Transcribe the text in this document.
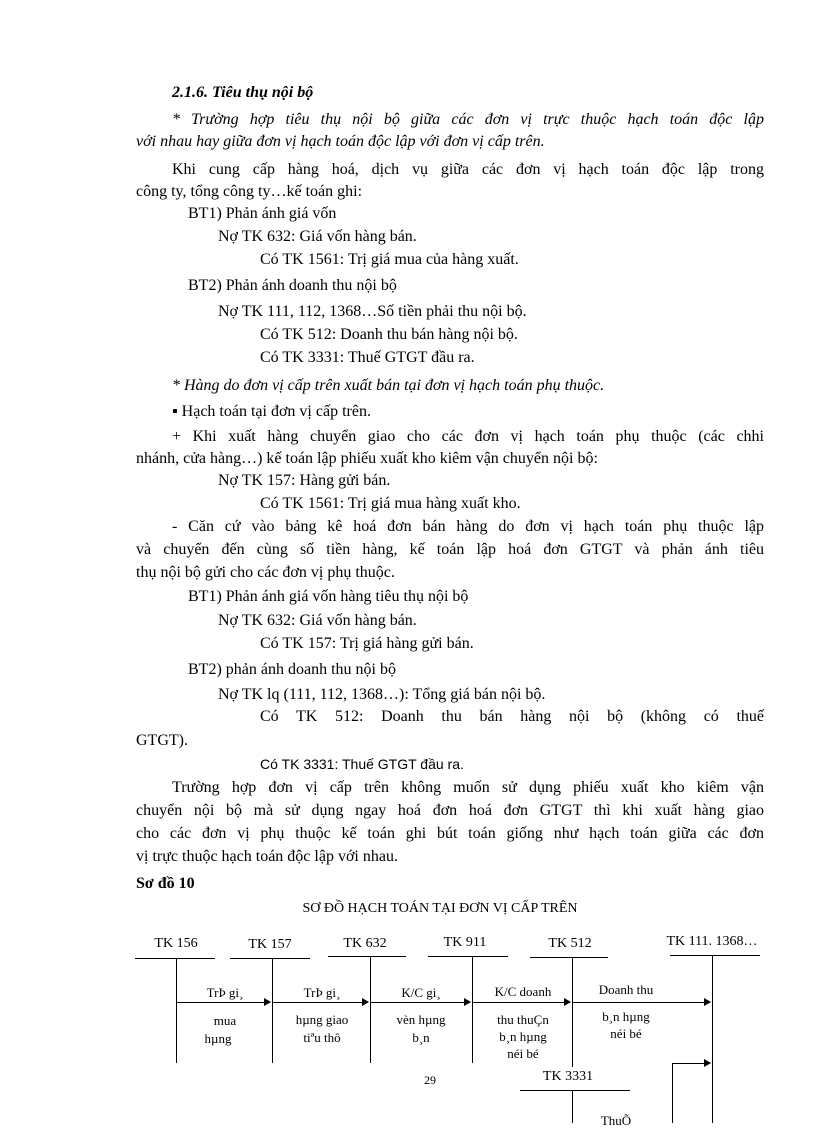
2.1.6. Tiêu thụ nội bộ
* Trường hợp tiêu thụ nội bộ giữa các đơn vị trực thuộc hạch toán độc lập
với nhau hay giữa đơn vị hạch toán độc lập với đơn vị cấp trên.
Khi cung cấp hàng hoá, dịch vụ giữa các đơn vị hạch toán độc lập trong
công ty, tổng công ty…kế toán ghi:
BT1) Phản ánh giá vốn
Nợ TK 632: Giá vốn hàng bán.
Có TK 1561: Trị giá mua của hàng xuất.
BT2) Phản ánh doanh thu nội bộ
Nợ TK 111, 112, 1368…Số tiền phải thu nội bộ.
Có TK 512: Doanh thu bán hàng nội bộ.
Có TK 3331: Thuế GTGT đầu ra.
* Hàng do đơn vị cấp trên xuất bán tại đơn vị hạch toán phụ thuộc.
▪ Hạch toán tại đơn vị cấp trên.
+ Khi xuất hàng chuyển giao cho các đơn vị hạch toán phụ thuộc (các chhi
nhánh, cửa hàng…) kế toán lập phiếu xuất kho kiêm vận chuyển nội bộ:
Nợ TK 157: Hàng gửi bán.
Có TK 1561: Trị giá mua hàng xuất kho.
- Căn cứ vào bảng kê hoá đơn bán hàng do đơn vị hạch toán phụ thuộc lập
và chuyển đến cùng số tiền hàng, kế toán lập hoá đơn GTGT và phản ánh tiêu
thụ nội bộ gửi cho các đơn vị phụ thuộc.
BT1) Phản ánh giá vốn hàng tiêu thụ nội bộ
Nợ TK 632: Giá vốn hàng bán.
Có TK 157: Trị giá hàng gửi bán.
BT2) phản ánh doanh thu nội bộ
Nợ TK lq (111, 112, 1368…): Tổng giá bán nội bộ.
Có TK 512: Doanh thu bán hàng nội bộ (không có thuế
GTGT).
Có TK 3331: Thuế GTGT đầu ra.
Trường hợp đơn vị cấp trên không muốn sử dụng phiếu xuất kho kiêm vận
chuyển nội bộ mà sử dụng ngay hoá đơn hoá đơn GTGT thì khi xuất hàng giao
cho các đơn vị phụ thuộc kế toán ghi bút toán giống như hạch toán giữa các đơn
vị trực thuộc hạch toán độc lập với nhau.
Sơ đồ 10
SƠ ĐỒ HẠCH TOÁN TẠI ĐƠN VỊ CẤP TRÊN
TK 156	TK 157	TK 632	TK 911	TK 512	TK 111. 1368…
TrÞ gi¸	TrÞ gi¸	K/C gi¸	K/C doanh	Doanh thu
mua
hµng
hµng giao
tiªu thô
vèn hµng
b¸n
thu thuÇn
b¸n hµng
néi bé
b¸n hµng
néi bé
TK 3331
ThuÕ
29
